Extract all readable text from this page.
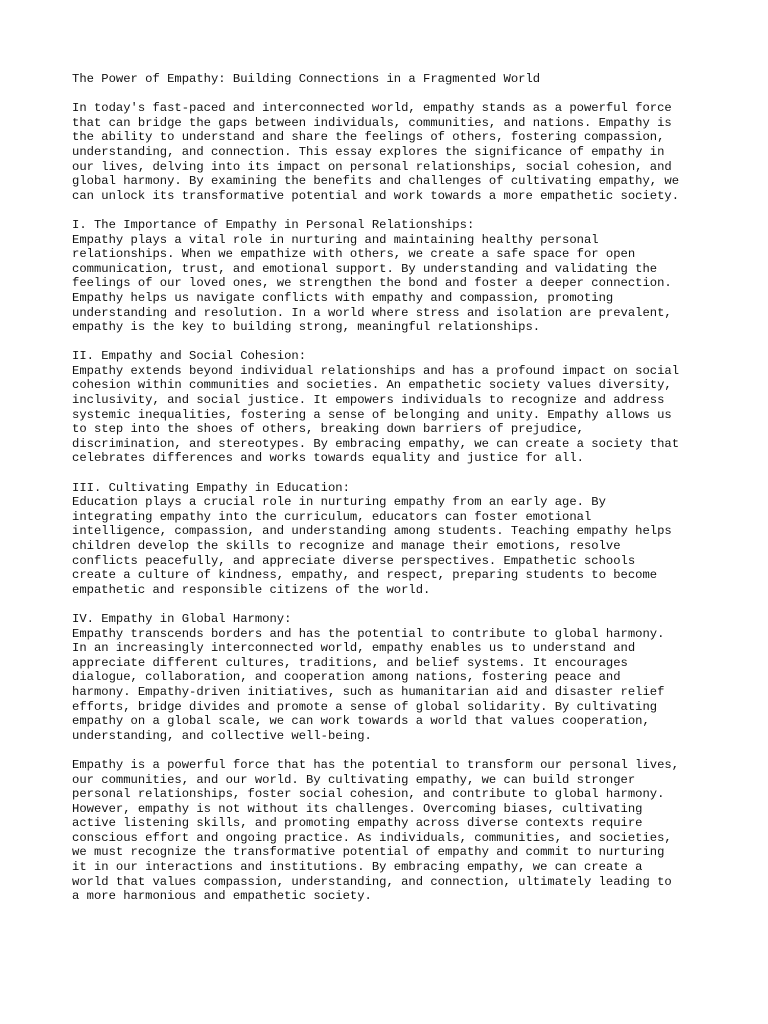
The Power of Empathy: Building Connections in a Fragmented World
In today's fast-paced and interconnected world, empathy stands as a powerful force
that can bridge the gaps between individuals, communities, and nations. Empathy is
the ability to understand and share the feelings of others, fostering compassion,
understanding, and connection. This essay explores the significance of empathy in
our lives, delving into its impact on personal relationships, social cohesion, and
global harmony. By examining the benefits and challenges of cultivating empathy, we
can unlock its transformative potential and work towards a more empathetic society.
I. The Importance of Empathy in Personal Relationships:
Empathy plays a vital role in nurturing and maintaining healthy personal
relationships. When we empathize with others, we create a safe space for open
communication, trust, and emotional support. By understanding and validating the
feelings of our loved ones, we strengthen the bond and foster a deeper connection.
Empathy helps us navigate conflicts with empathy and compassion, promoting
understanding and resolution. In a world where stress and isolation are prevalent,
empathy is the key to building strong, meaningful relationships.
II. Empathy and Social Cohesion:
Empathy extends beyond individual relationships and has a profound impact on social
cohesion within communities and societies. An empathetic society values diversity,
inclusivity, and social justice. It empowers individuals to recognize and address
systemic inequalities, fostering a sense of belonging and unity. Empathy allows us
to step into the shoes of others, breaking down barriers of prejudice,
discrimination, and stereotypes. By embracing empathy, we can create a society that
celebrates differences and works towards equality and justice for all.
III. Cultivating Empathy in Education:
Education plays a crucial role in nurturing empathy from an early age. By
integrating empathy into the curriculum, educators can foster emotional
intelligence, compassion, and understanding among students. Teaching empathy helps
children develop the skills to recognize and manage their emotions, resolve
conflicts peacefully, and appreciate diverse perspectives. Empathetic schools
create a culture of kindness, empathy, and respect, preparing students to become
empathetic and responsible citizens of the world.
IV. Empathy in Global Harmony:
Empathy transcends borders and has the potential to contribute to global harmony.
In an increasingly interconnected world, empathy enables us to understand and
appreciate different cultures, traditions, and belief systems. It encourages
dialogue, collaboration, and cooperation among nations, fostering peace and
harmony. Empathy-driven initiatives, such as humanitarian aid and disaster relief
efforts, bridge divides and promote a sense of global solidarity. By cultivating
empathy on a global scale, we can work towards a world that values cooperation,
understanding, and collective well-being.
Empathy is a powerful force that has the potential to transform our personal lives,
our communities, and our world. By cultivating empathy, we can build stronger
personal relationships, foster social cohesion, and contribute to global harmony.
However, empathy is not without its challenges. Overcoming biases, cultivating
active listening skills, and promoting empathy across diverse contexts require
conscious effort and ongoing practice. As individuals, communities, and societies,
we must recognize the transformative potential of empathy and commit to nurturing
it in our interactions and institutions. By embracing empathy, we can create a
world that values compassion, understanding, and connection, ultimately leading to
a more harmonious and empathetic society.
